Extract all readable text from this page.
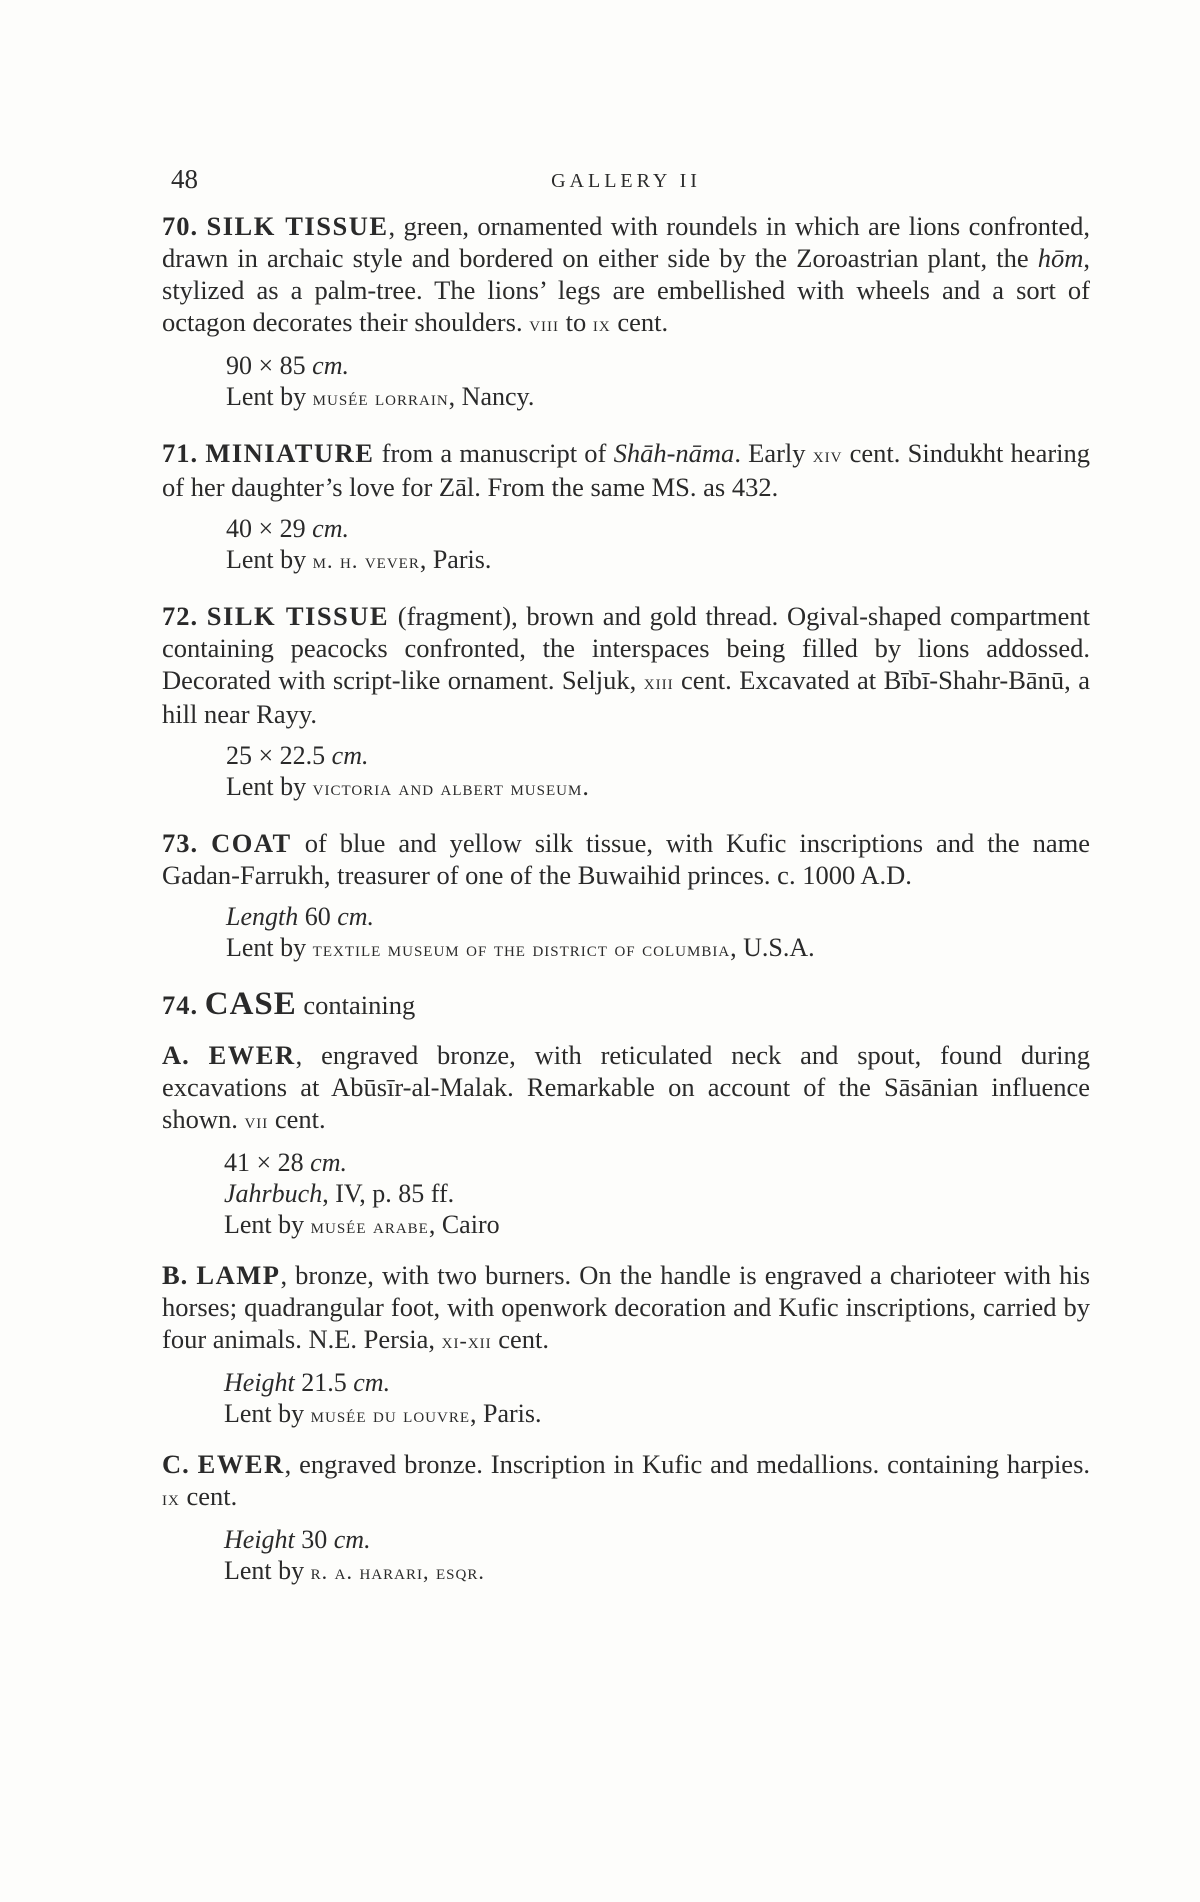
48	GALLERY II

70. SILK TISSUE, green, ornamented with roundels in which are lions confronted, drawn in archaic style and bordered on either side by the Zoroastrian plant, the hōm, stylized as a palm-tree. The lions’ legs are embellished with wheels and a sort of octagon decorates their shoulders. viii to ix cent.

90 × 85 cm.

Lent by musée lorrain, Nancy.

71. MINIATURE from a manuscript of Shāh-nāma. Early xiv cent. Sindukht hearing of her daughter’s love for Zāl. From the same MS. as 432.

40 × 29 cm.

Lent by m. h. vever, Paris.

72. SILK TISSUE (fragment), brown and gold thread. Ogival-shaped compartment containing peacocks confronted, the interspaces being filled by lions addossed. Decorated with script-like ornament. Seljuk, xiii cent. Excavated at Bībī-Shahr-Bānū, a hill near Rayy.

25 × 22.5 cm.

Lent by victoria and albert museum.

73. COAT of blue and yellow silk tissue, with Kufic inscriptions and the name Gadan-Farrukh, treasurer of one of the Buwaihid princes. c. 1000 A.D.

Length 60 cm.

Lent by textile museum of the district of columbia, U.S.A.

74. CASE containing

A. EWER, engraved bronze, with reticulated neck and spout, found during excavations at Abūsīr-al-Malak. Remarkable on account of the Sāsānian influence shown. vii cent.

41 × 28 cm.

Jahrbuch, IV, p. 85 ff.

Lent by musée arabe, Cairo

B. LAMP, bronze, with two burners. On the handle is engraved a charioteer with his horses; quadrangular foot, with openwork decoration and Kufic inscriptions, carried by four animals. N.E. Persia, xi-xii cent.

Height 21.5 cm.

Lent by musée du louvre, Paris.

C. EWER, engraved bronze. Inscription in Kufic and medallions. containing harpies. ix cent.

Height 30 cm.

Lent by r. a. harari, esqr.
